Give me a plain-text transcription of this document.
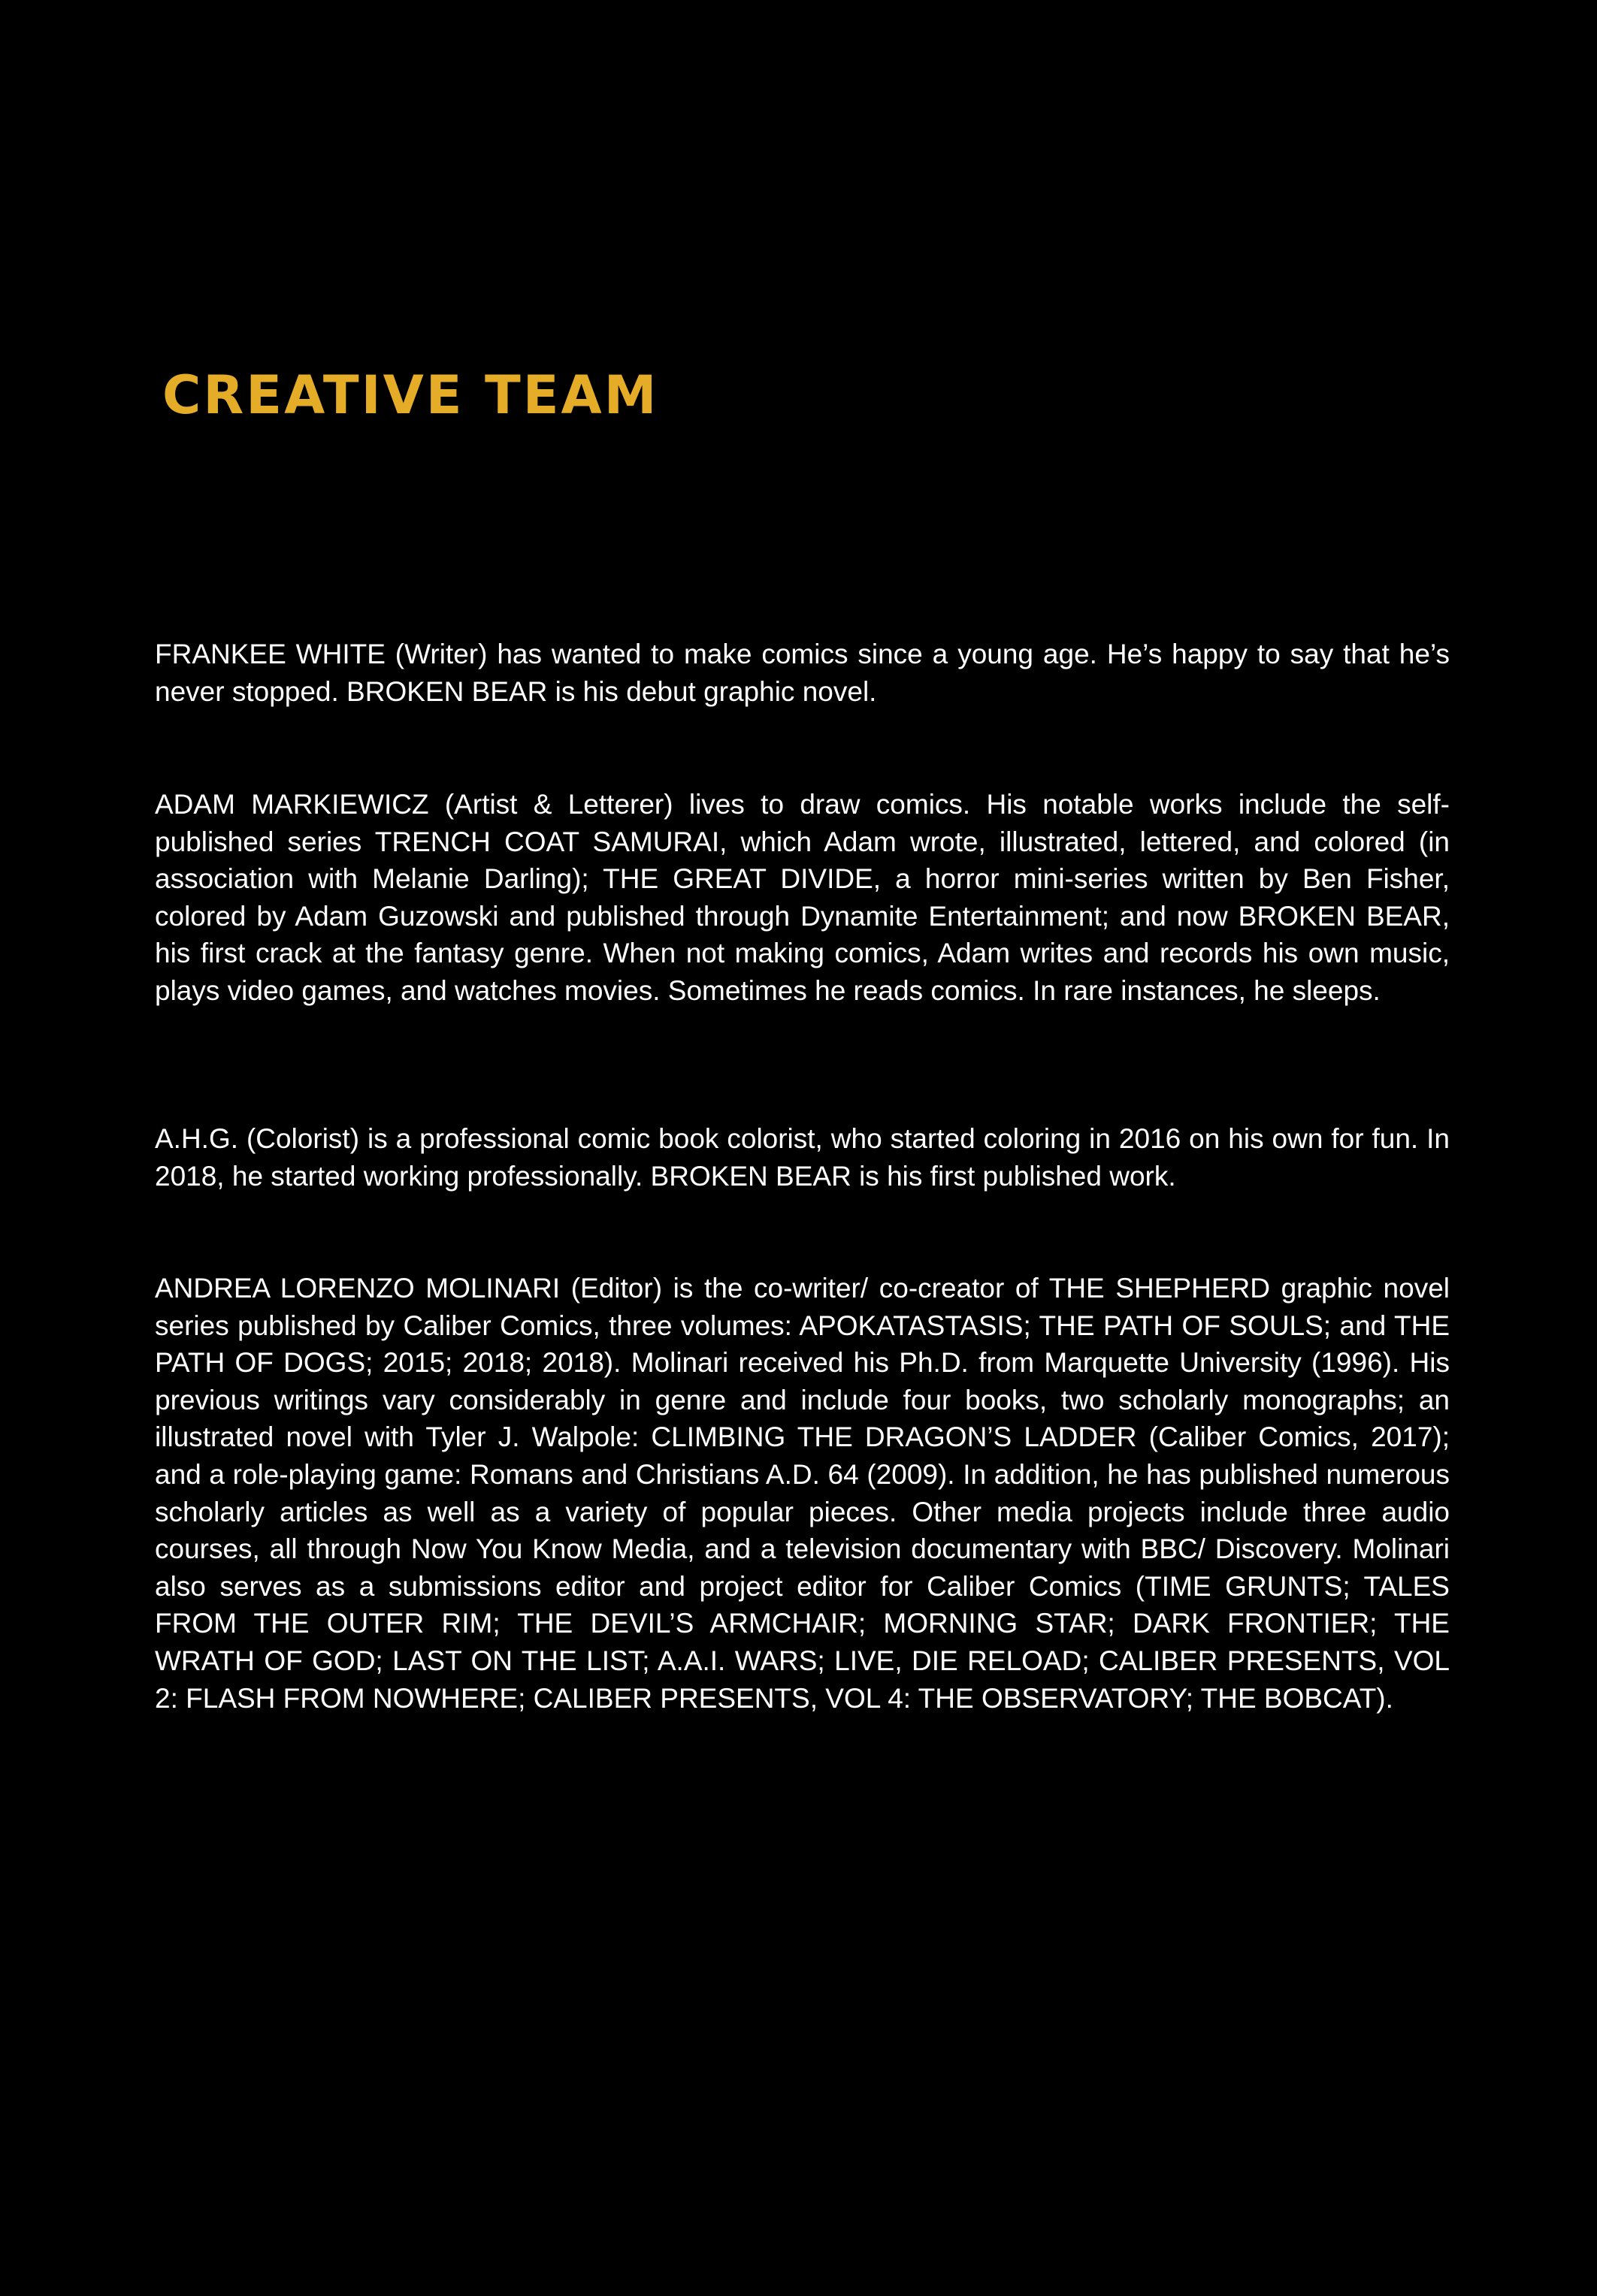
CREATIVE TEAM

FRANKEE WHITE (Writer) has wanted to make comics since a young age. He’s happy to say that he’s never stopped. BROKEN BEAR is his debut graphic novel.

ADAM MARKIEWICZ (Artist & Letterer) lives to draw comics. His notable works include the self-published series TRENCH COAT SAMURAI, which Adam wrote, illustrated, lettered, and colored (in association with Melanie Darling); THE GREAT DIVIDE, a horror mini-series written by Ben Fisher, colored by Adam Guzowski and published through Dynamite Entertainment; and now BROKEN BEAR, his first crack at the fantasy genre. When not making comics, Adam writes and records his own music, plays video games, and watches movies. Sometimes he reads comics. In rare instances, he sleeps.

A.H.G. (Colorist) is a professional comic book colorist, who started coloring in 2016 on his own for fun. In 2018, he started working professionally. BROKEN BEAR is his first published work.

ANDREA LORENZO MOLINARI (Editor) is the co-writer/ co-creator of THE SHEPHERD graphic novel series published by Caliber Comics, three volumes: APOKATASTASIS; THE PATH OF SOULS; and THE PATH OF DOGS; 2015; 2018; 2018). Molinari received his Ph.D. from Marquette University (1996). His previous writings vary considerably in genre and include four books, two scholarly monographs; an illustrated novel with Tyler J. Walpole: CLIMBING THE DRAGON’S LADDER (Caliber Comics, 2017); and a role-playing game: Romans and Christians A.D. 64 (2009). In addition, he has published numerous scholarly articles as well as a variety of popular pieces. Other media projects include three audio courses, all through Now You Know Media, and a television documentary with BBC/ Discovery. Molinari also serves as a submissions editor and project editor for Caliber Comics (TIME GRUNTS; TALES FROM THE OUTER RIM; THE DEVIL’S ARMCHAIR; MORNING STAR; DARK FRONTIER; THE WRATH OF GOD; LAST ON THE LIST; A.A.I. WARS; LIVE, DIE RELOAD; CALIBER PRESENTS, VOL 2: FLASH FROM NOWHERE; CALIBER PRESENTS, VOL 4: THE OBSERVATORY; THE BOBCAT).
